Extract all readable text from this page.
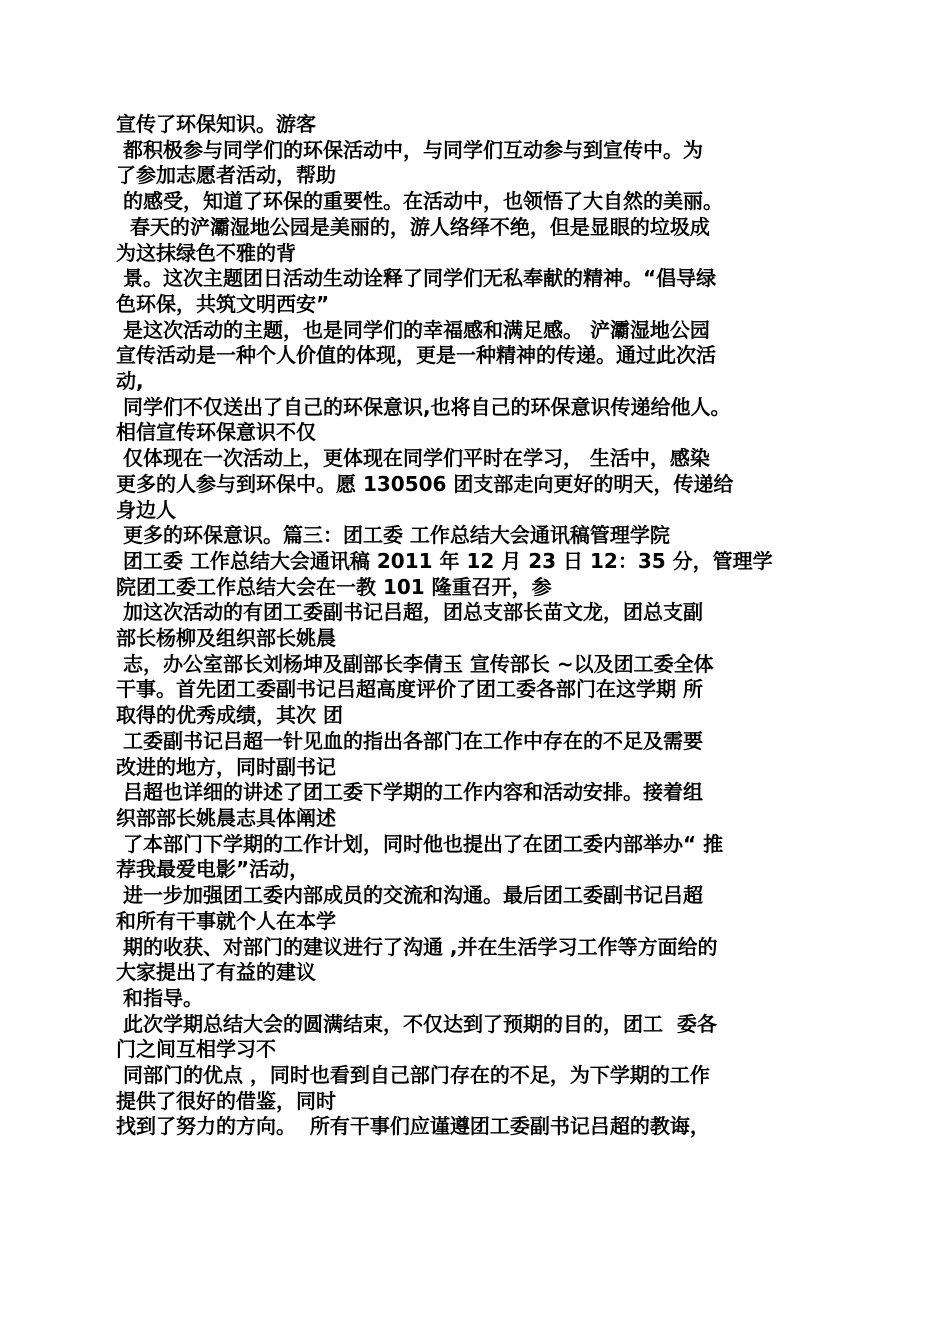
宣传了环保知识。游客
都积极参与同学们的环保活动中，与同学们互动参与到宣传中。为
了参加志愿者活动，帮助
的感受，知道了环保的重要性。在活动中，也领悟了大自然的美丽。
春天的浐灞湿地公园是美丽的，游人络绎不绝，但是显眼的垃圾成
为这抹绿色不雅的背
景。这次主题团日活动生动诠释了同学们无私奉献的精神。“倡导绿
色环保，共筑文明西安”
是这次活动的主题，也是同学们的幸福感和满足感。 浐灞湿地公园
宣传活动是一种个人价值的体现，更是一种精神的传递。通过此次活
动,
同学们不仅送出了自己的环保意识,也将自己的环保意识传递给他人。
相信宣传环保意识不仅
仅体现在一次活动上，更体现在同学们平时在学习， 生活中，感染
更多的人参与到环保中。愿 130506 团支部走向更好的明天，传递给
身边人
更多的环保意识。篇三：团工委 工作总结大会通讯稿管理学院
团工委 工作总结大会通讯稿 2011 年 12 月 23 日 12：35 分，管理学
院团工委工作总结大会在一教 101 隆重召开，参
加这次活动的有团工委副书记吕超，团总支部长苗文龙，团总支副
部长杨柳及组织部长姚晨
志，办公室部长刘杨坤及副部长李倩玉 宣传部长 ~以及团工委全体
干事。首先团工委副书记吕超高度评价了团工委各部门在这学期 所
取得的优秀成绩，其次 团
工委副书记吕超一针见血的指出各部门在工作中存在的不足及需要
改进的地方，同时副书记
吕超也详细的讲述了团工委下学期的工作内容和活动安排。接着组
织部部长姚晨志具体阐述
了本部门下学期的工作计划，同时他也提出了在团工委内部举办“ 推
荐我最爱电影”活动，
进一步加强团工委内部成员的交流和沟通。最后团工委副书记吕超
和所有干事就个人在本学
期的收获、对部门的建议进行了沟通 ,并在生活学习工作等方面给的
大家提出了有益的建议
和指导。
此次学期总结大会的圆满结束，不仅达到了预期的目的，团工  委各
门之间互相学习不
同部门的优点 ，同时也看到自己部门存在的不足，为下学期的工作
提供了很好的借鉴，同时
找到了努力的方向。  所有干事们应谨遵团工委副书记吕超的教诲，
